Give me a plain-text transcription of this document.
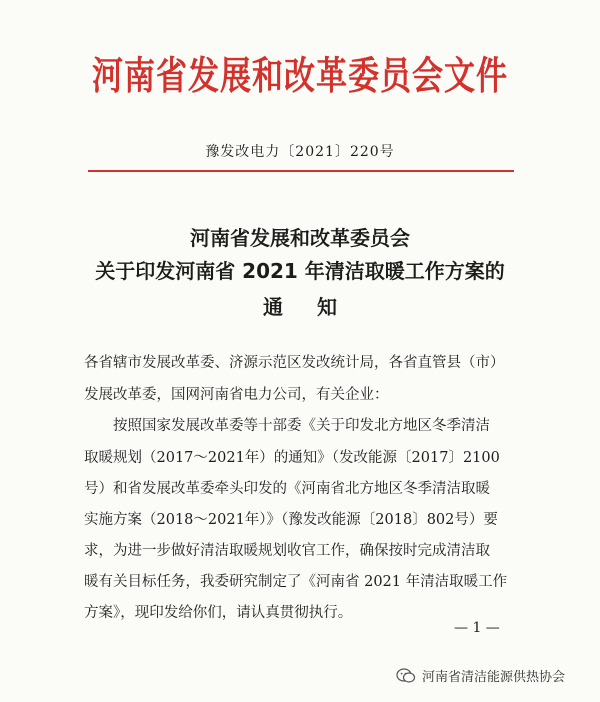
河南省发展和改革委员会文件
豫发改电力〔2021〕220号
河南省发展和改革委员会
关于印发河南省 2021 年清洁取暖工作方案的
通知
各省辖市发展改革委、济源示范区发改统计局，各省直管县（市）
发展改革委，国网河南省电力公司，有关企业：
按照国家发展改革委等十部委《关于印发北方地区冬季清洁
取暖规划（2017～2021年）的通知》（发改能源〔2017〕2100
号）和省发展改革委牵头印发的《河南省北方地区冬季清洁取暖
实施方案（2018～2021年）》（豫发改能源〔2018〕802号）要
求，为进一步做好清洁取暖规划收官工作，确保按时完成清洁取
暖有关目标任务，我委研究制定了《河南省 2021 年清洁取暖工作
方案》，现印发给你们，请认真贯彻执行。
— 1 —
河南省清洁能源供热协会
